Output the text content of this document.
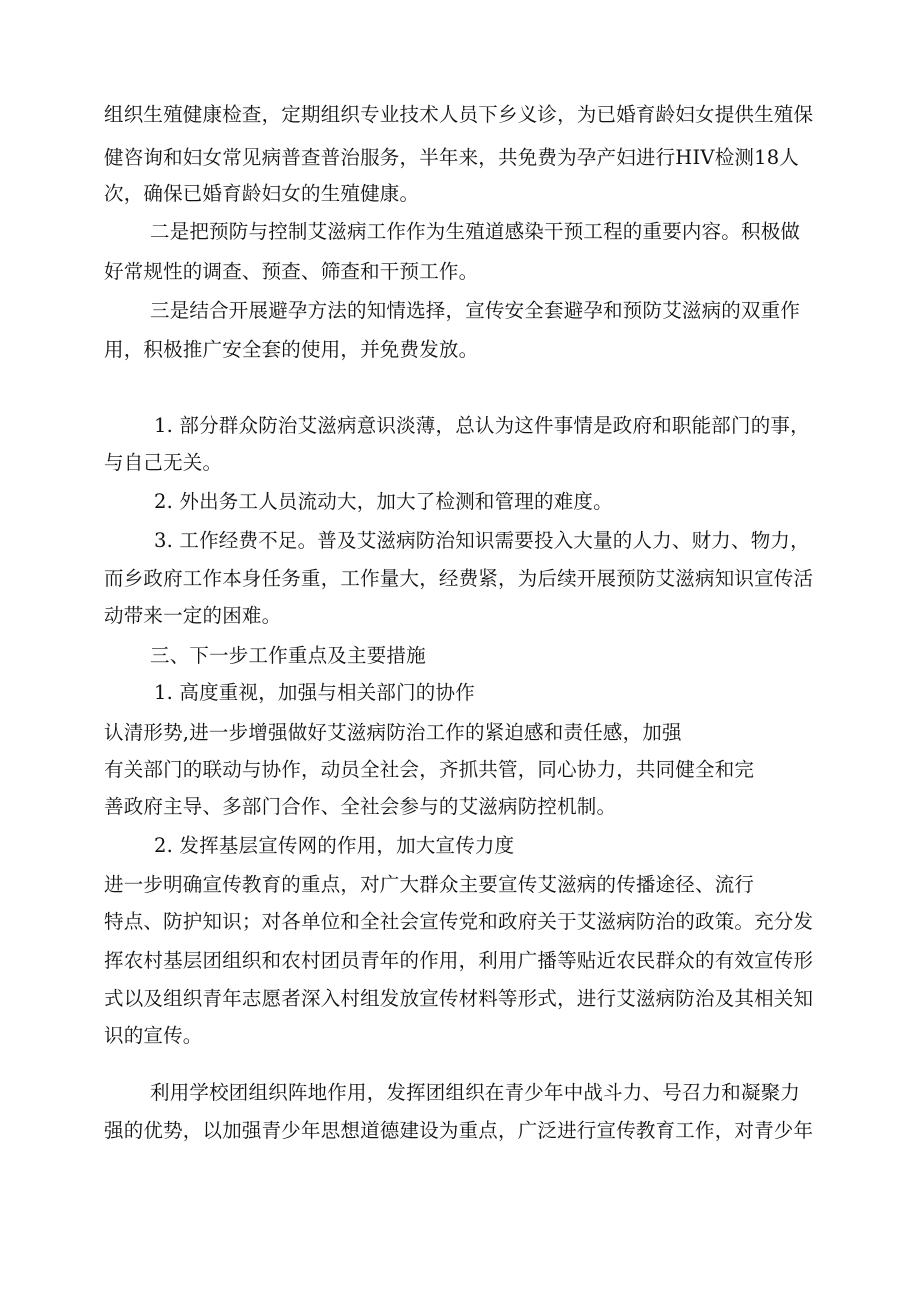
组织生殖健康检查，定期组织专业技术人员下乡义诊，为已婚育龄妇女提供生殖保
健咨询和妇女常见病普查普治服务，半年来，共免费为孕产妇进行HIV检测18人
次，确保已婚育龄妇女的生殖健康。
二是把预防与控制艾滋病工作作为生殖道感染干预工程的重要内容。积极做
好常规性的调查、预查、筛查和干预工作。
三是结合开展避孕方法的知情选择，宣传安全套避孕和预防艾滋病的双重作
用，积极推广安全套的使用，并免费发放。
1. 部分群众防治艾滋病意识淡薄，总认为这件事情是政府和职能部门的事，
与自己无关。
2. 外出务工人员流动大，加大了检测和管理的难度。
3. 工作经费不足。普及艾滋病防治知识需要投入大量的人力、财力、物力，
而乡政府工作本身任务重，工作量大，经费紧，为后续开展预防艾滋病知识宣传活
动带来一定的困难。
三、下一步工作重点及主要措施
1. 高度重视，加强与相关部门的协作
认清形势,进一步增强做好艾滋病防治工作的紧迫感和责任感，加强
有关部门的联动与协作，动员全社会，齐抓共管，同心协力，共同健全和完
善政府主导、多部门合作、全社会参与的艾滋病防控机制。
2. 发挥基层宣传网的作用，加大宣传力度
进一步明确宣传教育的重点，对广大群众主要宣传艾滋病的传播途径、流行
特点、防护知识；对各单位和全社会宣传党和政府关于艾滋病防治的政策。充分发
挥农村基层团组织和农村团员青年的作用，利用广播等贴近农民群众的有效宣传形
式以及组织青年志愿者深入村组发放宣传材料等形式，进行艾滋病防治及其相关知
识的宣传。
利用学校团组织阵地作用，发挥团组织在青少年中战斗力、号召力和凝聚力
强的优势，以加强青少年思想道德建设为重点，广泛进行宣传教育工作，对青少年
